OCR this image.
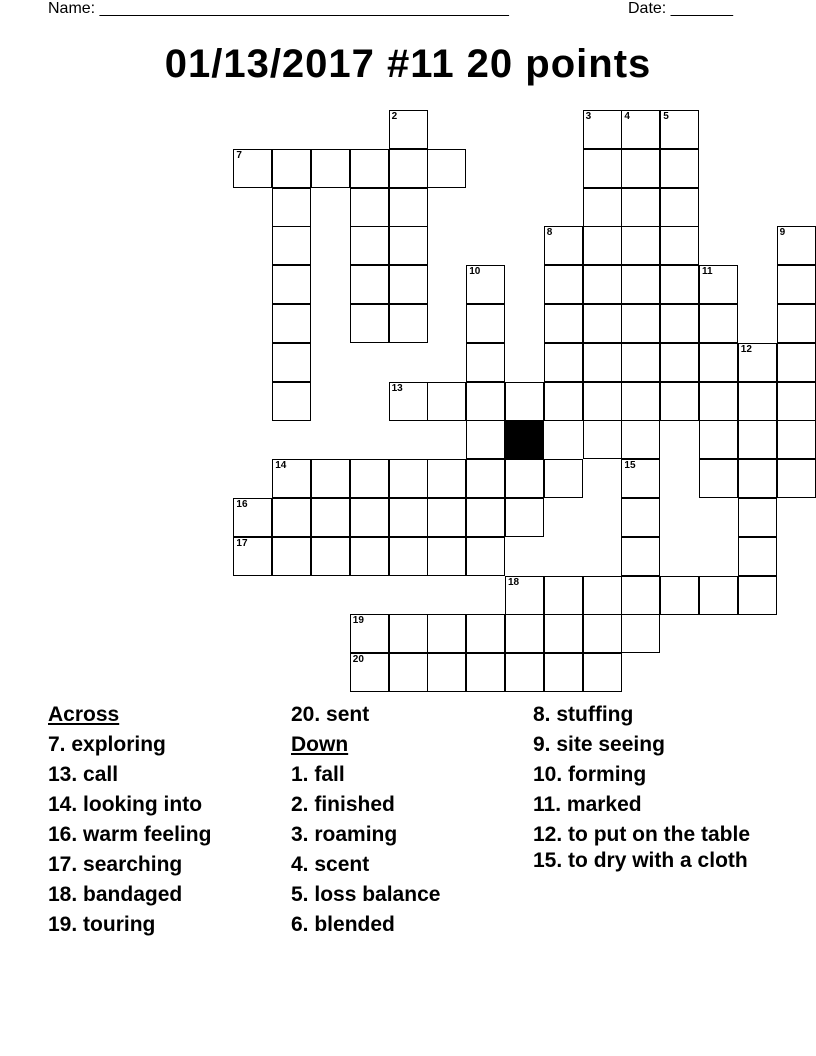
Name: ______________________________________________	Date: _______
01/13/2017 #11 20 points
2
7
3	4	5
8	9
10	11
12
13
14	15
16
17
18
19
20
Across
7. exploring
13. call
14. looking into
16. warm feeling
17. searching
18. bandaged
19. touring
20. sent
Down
1. fall
2. finished
3. roaming
4. scent
5. loss balance
6. blended
8. stuffing
9. site seeing
10. forming
11. marked
12. to put on the table
15. to dry with a cloth
